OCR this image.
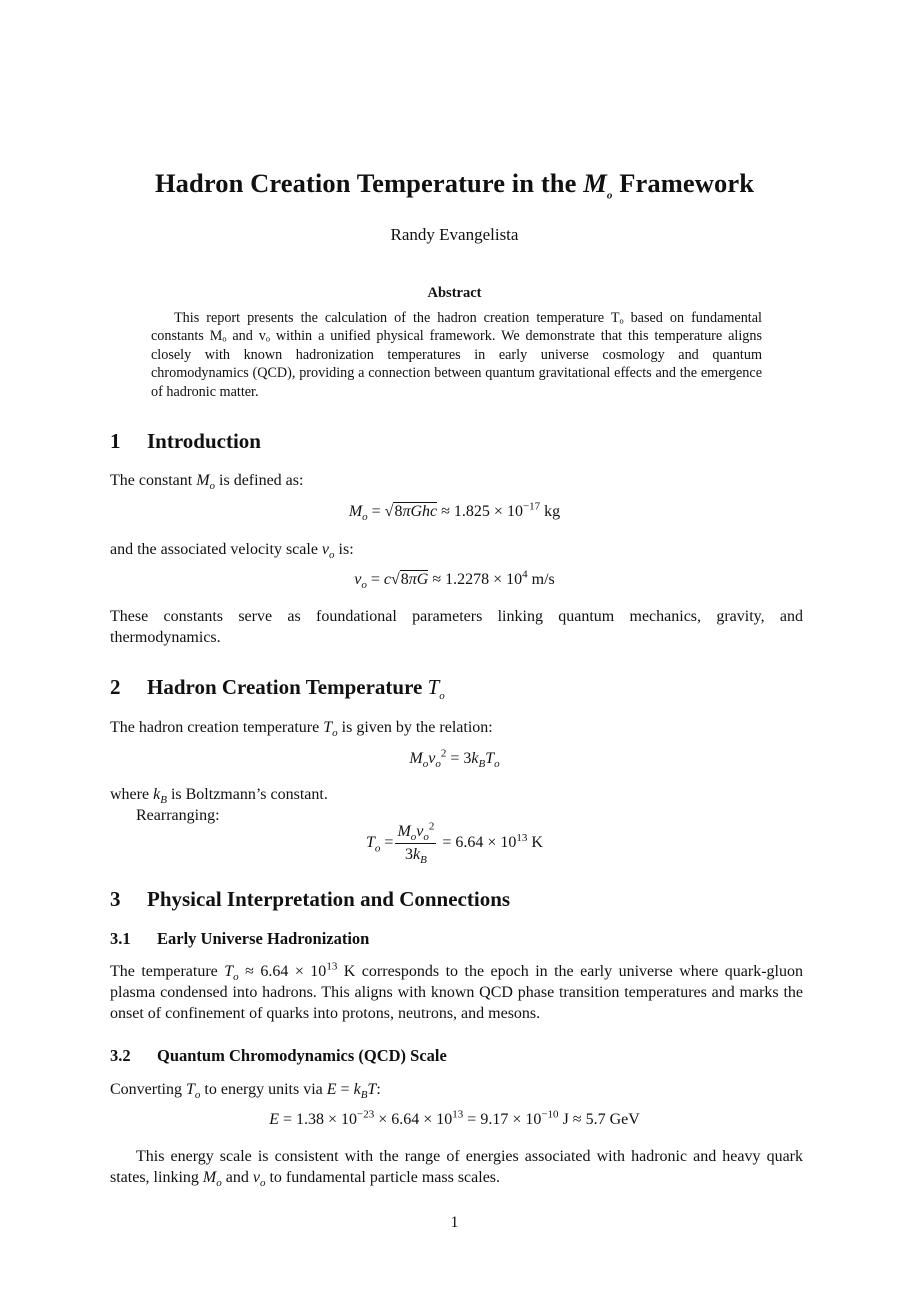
Hadron Creation Temperature in the $M_o$ Framework
Randy Evangelista
Abstract
This report presents the calculation of the hadron creation temperature Tₒ based on fundamental constants Mₒ and vₒ within a unified physical framework. We demonstrate that this temperature aligns closely with known hadronization temperatures in early universe cosmology and quantum chromodynamics (QCD), providing a connection between quantum gravitational effects and the emergence of hadronic matter.
1 Introduction
The constant $M_o$ is defined as:
$M_o = √8\pi Ghc \approx 1.825 \times 10^{-17}$ kg
and the associated velocity scale $v_o$ is:
$v_o = c√8\pi G \approx 1.2278 \times 10^4$ m/s
These constants serve as foundational parameters linking quantum mechanics, gravity, and thermodynamics.
2 Hadron Creation Temperature $T_o$
The hadron creation temperature $T_o$ is given by the relation:
$M_ov_o^2 = 3k_BT_o$
where $k_B$ is Boltzmann’s constant.
Rearranging:
$T_o = \frac{M_ov_o^2}{3k_B} = 6.64 \times 10^{13}$ K
3 Physical Interpretation and Connections
3.1 Early Universe Hadronization
The temperature $T_o \approx 6.64 \times 10^{13}$ K corresponds to the epoch in the early universe where quark-gluon plasma condensed into hadrons. This aligns with known QCD phase transition temperatures and marks the onset of confinement of quarks into protons, neutrons, and mesons.
3.2 Quantum Chromodynamics (QCD) Scale
Converting $T_o$ to energy units via $E = k_BT$:
$E = 1.38 \times 10^{-23} \times 6.64 \times 10^{13} = 9.17 \times 10^{-10}$ J ≈ 5.7 GeV
This energy scale is consistent with the range of energies associated with hadronic and heavy quark states, linking $M_o$ and $v_o$ to fundamental particle mass scales.
1
